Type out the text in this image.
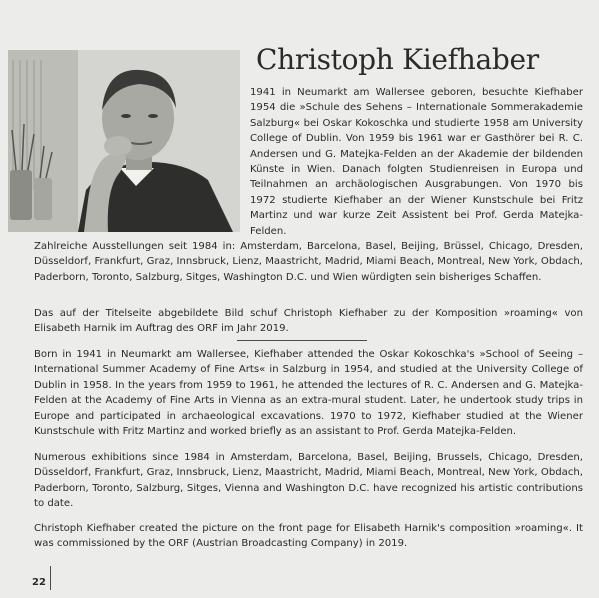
Christoph Kiefhaber

1941 in Neumarkt am Wallersee geboren, besuchte Kiefhaber 1954 die »Schule des Sehens – Internationale Sommerakademie Salzburg« bei Oskar Kokoschka und studierte 1958 am University College of Dublin. Von 1959 bis 1961 war er Gasthörer bei R. C. Andersen und G. Matejka-Felden an der Akademie der bildenden Künste in Wien. Danach folgten Studienreisen in Europa und Teilnahmen an archäologischen Ausgrabungen. Von 1970 bis 1972 studierte Kiefhaber an der Wiener Kunstschule bei Fritz Martinz und war kurze Zeit Assistent bei Prof. Gerda Matejka-Felden.

Zahlreiche Ausstellungen seit 1984 in: Amsterdam, Barcelona, Basel, Beijing, Brüssel, Chicago, Dresden, Düsseldorf, Frankfurt, Graz, Innsbruck, Lienz, Maastricht, Madrid, Miami Beach, Montreal, New York, Obdach, Paderborn, Toronto, Salzburg, Sitges, Washington D.C. und Wien würdigten sein bisheriges Schaffen.

Das auf der Titelseite abgebildete Bild schuf Christoph Kiefhaber zu der Komposition »roaming« von Elisabeth Harnik im Auftrag des ORF im Jahr 2019.

Born in 1941 in Neumarkt am Wallersee, Kiefhaber attended the Oskar Kokoschka's »School of Seeing – International Summer Academy of Fine Arts« in Salzburg in 1954, and studied at the University College of Dublin in 1958. In the years from 1959 to 1961, he attended the lectures of R. C. Andersen and G. Matejka-Felden at the Academy of Fine Arts in Vienna as an extra-mural student. Later, he undertook study trips in Europe and participated in archaeological excavations. 1970 to 1972, Kiefhaber studied at the Wiener Kunstschule with Fritz Martinz and worked briefly as an assistant to Prof. Gerda Matejka-Felden.

Numerous exhibitions since 1984 in Amsterdam, Barcelona, Basel, Beijing, Brussels, Chicago, Dresden, Düsseldorf, Frankfurt, Graz, Innsbruck, Lienz, Maastricht, Madrid, Miami Beach, Montreal, New York, Obdach, Paderborn, Toronto, Salzburg, Sitges, Vienna and Washington D.C. have recognized his artistic contributions to date.

Christoph Kiefhaber created the picture on the front page for Elisabeth Harnik's composition »roaming«. It was commissioned by the ORF (Austrian Broadcasting Company) in 2019.

22
